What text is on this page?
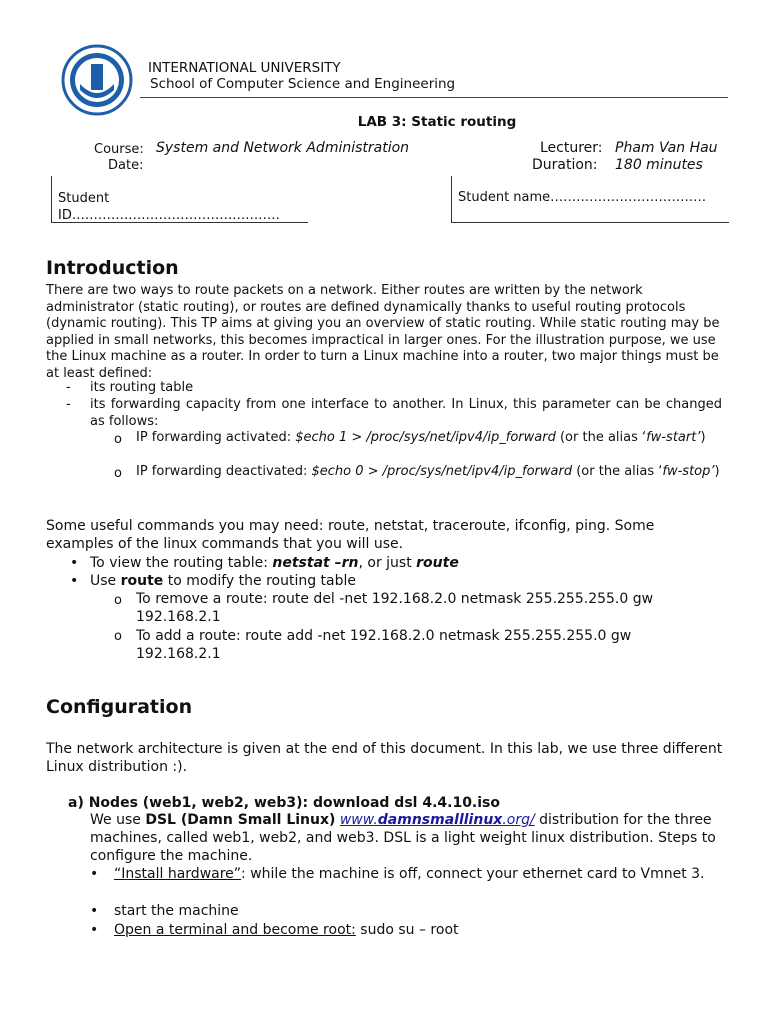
INTERNATIONAL UNIVERSITY
School of Computer Science and Engineering
LAB 3: Static routing
Course:
Date:
System and Network Administration	Lecturer:
Duration:
Pham Van Hau
180 minutes
Student ID…………………………………………
Student name………………………………
Introduction

There are two ways to route packets on a network. Either routes are written by the network administrator (static routing), or routes are defined dynamically thanks to useful routing protocols (dynamic routing). This TP aims at giving you an overview of static routing. While static routing may be applied in small networks, this becomes impractical in larger ones. For the illustration purpose, we use the Linux machine as a router. In order to turn a Linux machine into a router, two major things must be at least defined:

- its routing table
- its forwarding capacity from one interface to another. In Linux, this parameter can be changed as follows:
o IP forwarding activated: $echo 1 > /proc/sys/net/ipv4/ip_forward (or the alias ‘fw-start’)
o IP forwarding deactivated: $echo 0 > /proc/sys/net/ipv4/ip_forward (or the alias ‘fw-stop’)

Some useful commands you may need: route, netstat, traceroute, ifconfig, ping. Some examples of the linux commands that you will use.

• To view the routing table: netstat –rn, or just route
• Use route to modify the routing table
o To remove a route: route del -net 192.168.2.0 netmask 255.255.255.0 gw 192.168.2.1
o To add a route: route add -net 192.168.2.0 netmask 255.255.255.0 gw 192.168.2.1
Configuration

The network architecture is given at the end of this document. In this lab, we use three different Linux distribution :).

a) Nodes (web1, web2, web3): download dsl 4.4.10.iso
We use DSL (Damn Small Linux) www.damnsmalllinux.org/ distribution for the three machines, called web1, web2, and web3. DSL is a light weight linux distribution. Steps to configure the machine.
• “Install hardware”: while the machine is off, connect your ethernet card to Vmnet 3.
• start the machine
• Open a terminal and become root: sudo su – root
